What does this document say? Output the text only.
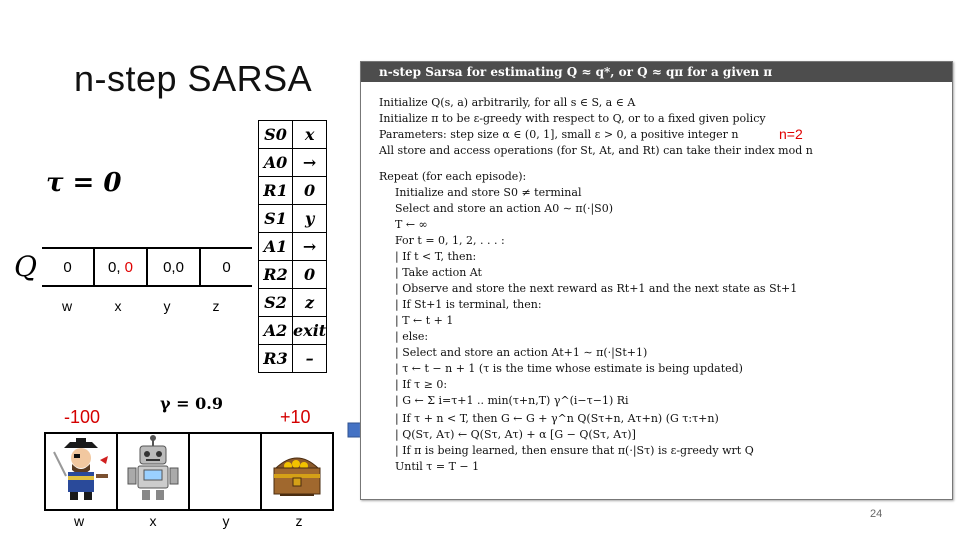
n-step SARSA
τ = 0
Q 0	0, 0	0,0	0
w	x	y	z
S0	x
A0	→
R1	0
S1	y
A1	→
R2	0
S2	z
A2	exit
R3	–
γ = 0.9
-100	+10

w	x	y	z
n-step Sarsa for estimating Q ≈ q*, or Q ≈ qπ for a given π
Initialize Q(s, a) arbitrarily, for all s ∈ S, a ∈ A
Initialize π to be ε-greedy with respect to Q, or to a fixed given policy
Parameters: step size α ∈ (0, 1], small ε > 0, a positive integer n
All store and access operations (for St, At, and Rt) can take their index mod n
Repeat (for each episode):
Initialize and store S0 ≠ terminal
Select and store an action A0 ∼ π(·|S0)
T ← ∞
For t = 0, 1, 2, . . . :
| If t < T, then:
| Take action At
| Observe and store the next reward as Rt+1 and the next state as St+1
| If St+1 is terminal, then:
| T ← t + 1
| else:
| Select and store an action At+1 ∼ π(·|St+1)
| τ ← t − n + 1 (τ is the time whose estimate is being updated)
| If τ ≥ 0:
| G ← Σ i=τ+1 .. min(τ+n,T) γ^(i−τ−1) Ri
| If τ + n < T, then G ← G + γ^n Q(Sτ+n, Aτ+n) (G τ:τ+n)
| Q(Sτ, Aτ) ← Q(Sτ, Aτ) + α [G − Q(Sτ, Aτ)]
| If π is being learned, then ensure that π(·|Sτ) is ε-greedy wrt Q
Until τ = T − 1
n=2
24
